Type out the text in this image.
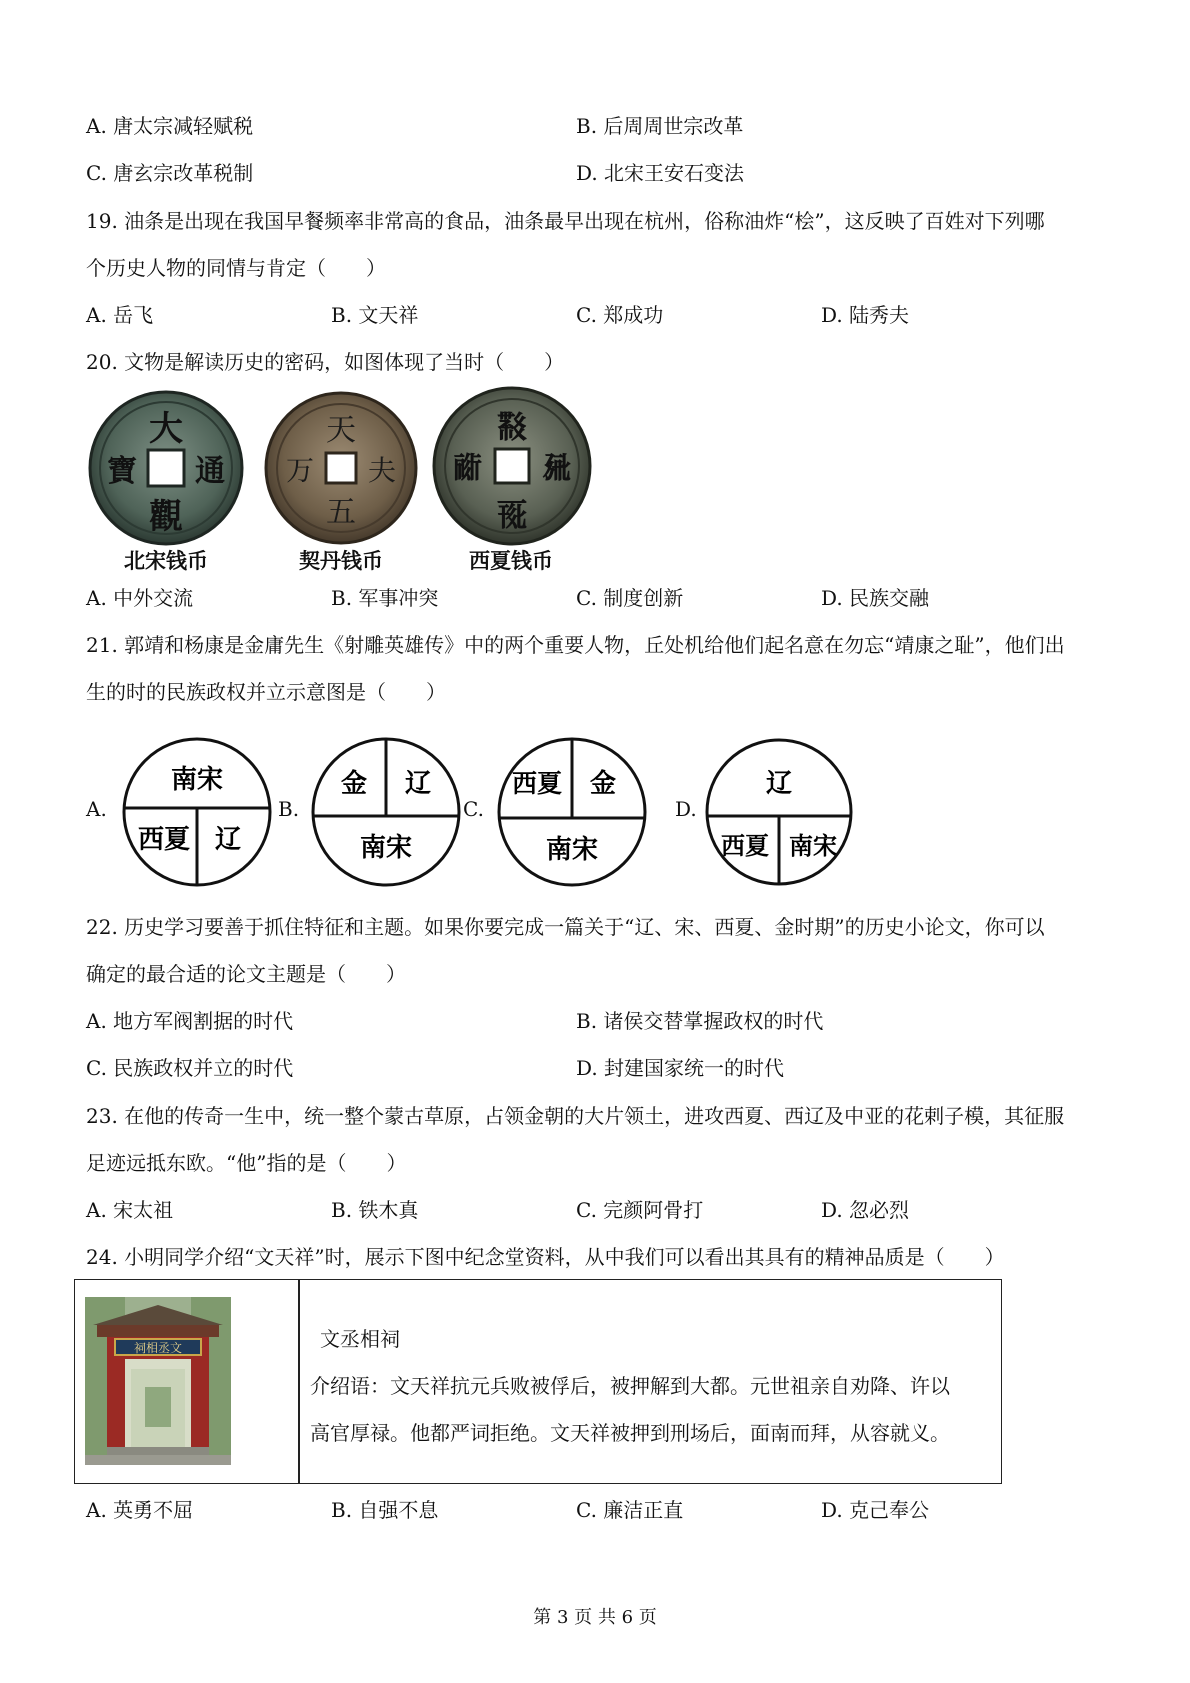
A. 唐太宗减轻赋税	B. 后周周世宗改革
C. 唐玄宗改革税制	D. 北宋王安石变法
19. 油条是出现在我国早餐频率非常高的食品，油条最早出现在杭州，俗称油炸“桧”，这反映了百姓对下列哪
个历史人物的同情与肯定（　　）
A. 岳飞	B. 文天祥	C. 郑成功	D. 陆秀夫
20. 文物是解读历史的密码，如图体现了当时（　　）
大
觀
寶 通
北宋钱币
天
五
万 夫
契丹钱币
𘜶
𗀔
𗠁 𗉜
西夏钱币
A. 中外交流	B. 军事冲突	C. 制度创新	D. 民族交融
21. 郭靖和杨康是金庸先生《射雕英雄传》中的两个重要人物，丘处机给他们起名意在勿忘“靖康之耻”，他们出
生的时的民族政权并立示意图是（　　）
A.
南宋
西夏 辽
B.
金 辽
南宋
C.
西夏 金
南宋
D.
辽
西夏 南宋
22. 历史学习要善于抓住特征和主题。如果你要完成一篇关于“辽、宋、西夏、金时期”的历史小论文，你可以
确定的最合适的论文主题是（　　）
A. 地方军阀割据的时代	B. 诸侯交替掌握政权的时代
C. 民族政权并立的时代	D. 封建国家统一的时代
23. 在他的传奇一生中，统一整个蒙古草原，占领金朝的大片领土，进攻西夏、西辽及中亚的花剌子模，其征服
足迹远抵东欧。“他”指的是（　　）
A. 宋太祖	B. 铁木真	C. 完颜阿骨打	D. 忽必烈
24. 小明同学介绍“文天祥”时，展示下图中纪念堂资料，从中我们可以看出其具有的精神品质是（　　）
祠相丞文	文丞相祠
介绍语：文天祥抗元兵败被俘后，被押解到大都。元世祖亲自劝降、许以
高官厚禄。他都严词拒绝。文天祥被押到刑场后，面南而拜，从容就义。
A. 英勇不屈	B. 自强不息	C. 廉洁正直	D. 克己奉公
第 3 页 共 6 页
